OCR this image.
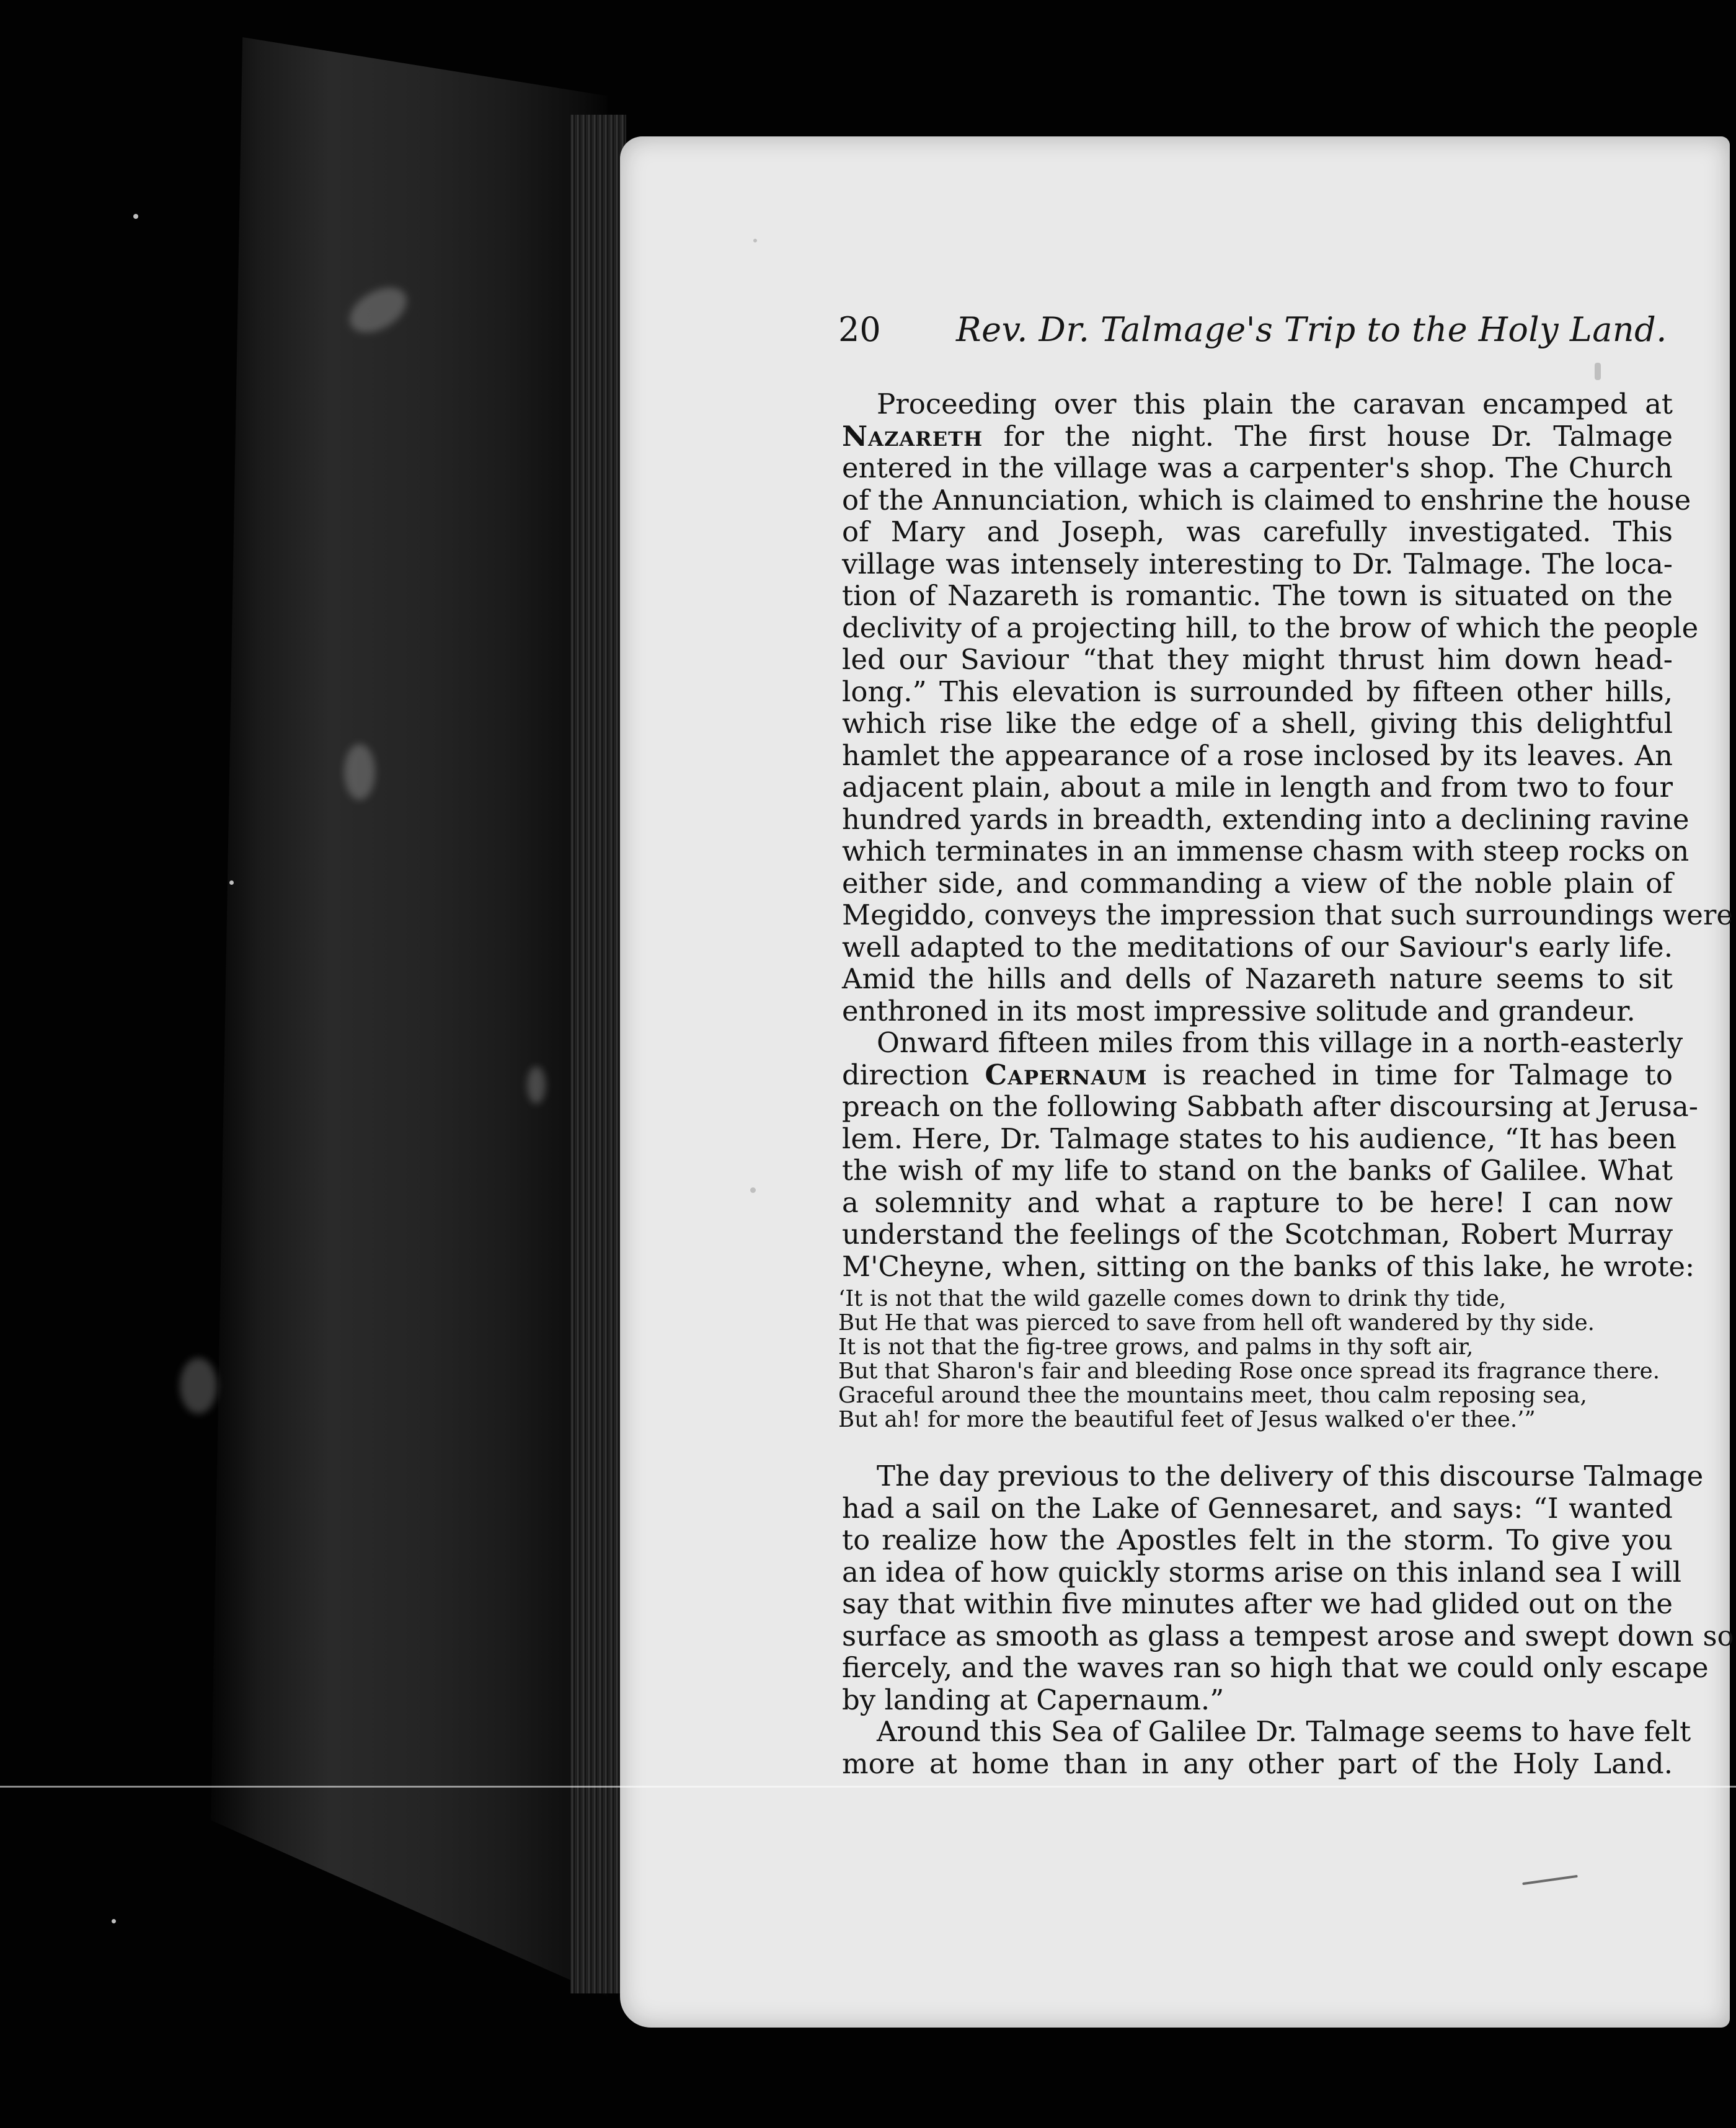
20 Rev. Dr. Talmage's Trip to the Holy Land.
Proceeding over this plain the caravan encamped at
Nazareth for the night. The first house Dr. Talmage
entered in the village was a carpenter's shop. The Church
of the Annunciation, which is claimed to enshrine the house
of Mary and Joseph, was carefully investigated. This
village was intensely interesting to Dr. Talmage. The loca-
tion of Nazareth is romantic. The town is situated on the
declivity of a projecting hill, to the brow of which the people
led our Saviour “that they might thrust him down head-
long.” This elevation is surrounded by fifteen other hills,
which rise like the edge of a shell, giving this delightful
hamlet the appearance of a rose inclosed by its leaves. An
adjacent plain, about a mile in length and from two to four
hundred yards in breadth, extending into a declining ravine
which terminates in an immense chasm with steep rocks on
either side, and commanding a view of the noble plain of
Megiddo, conveys the impression that such surroundings were
well adapted to the meditations of our Saviour's early life.
Amid the hills and dells of Nazareth nature seems to sit
enthroned in its most impressive solitude and grandeur.
Onward fifteen miles from this village in a north-easterly
direction Capernaum is reached in time for Talmage to
preach on the following Sabbath after discoursing at Jerusa-
lem. Here, Dr. Talmage states to his audience, “It has been
the wish of my life to stand on the banks of Galilee. What
a solemnity and what a rapture to be here! I can now
understand the feelings of the Scotchman, Robert Murray
M'Cheyne, when, sitting on the banks of this lake, he wrote:
‘It is not that the wild gazelle comes down to drink thy tide,
But He that was pierced to save from hell oft wandered by thy side.
It is not that the fig-tree grows, and palms in thy soft air,
But that Sharon's fair and bleeding Rose once spread its fragrance there.
Graceful around thee the mountains meet, thou calm reposing sea,
But ah! for more the beautiful feet of Jesus walked o'er thee.’”
The day previous to the delivery of this discourse Talmage
had a sail on the Lake of Gennesaret, and says: “I wanted
to realize how the Apostles felt in the storm. To give you
an idea of how quickly storms arise on this inland sea I will
say that within five minutes after we had glided out on the
surface as smooth as glass a tempest arose and swept down so
fiercely, and the waves ran so high that we could only escape
by landing at Capernaum.”
Around this Sea of Galilee Dr. Talmage seems to have felt
more at home than in any other part of the Holy Land.
